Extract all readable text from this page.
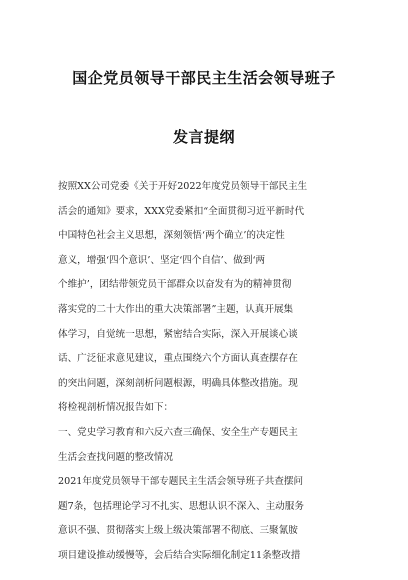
国企党员领导干部民主生活会领导班子
发言提纲
按照XX公司党委《关于开好2022年度党员领导干部民主生
活会的通知》要求，XXX党委紧扣“全面贯彻习近平新时代
中国特色社会主义思想，深刻领悟‘两个确立’的决定性
意义，增强‘四个意识’、坚定‘四个自信’、做到‘两
个维护’，团结带领党员干部群众以奋发有为的精神贯彻
落实党的二十大作出的重大决策部署”主题，认真开展集
体学习，自觉统一思想，紧密结合实际，深入开展谈心谈
话、广泛征求意见建议，重点围绕六个方面认真查摆存在
的突出问题，深刻剖析问题根源，明确具体整改措施。现
将检视剖析情况报告如下：
一、党史学习教育和六反六查三确保、安全生产专题民主
生活会查找问题的整改情况
2021年度党员领导干部专题民主生活会领导班子共查摆问
题7条，包括理论学习不扎实、思想认识不深入、主动服务
意识不强、贯彻落实上级上级决策部署不彻底、三聚氰胺
项目建设推动缓慢等，会后结合实际细化制定11条整改措
